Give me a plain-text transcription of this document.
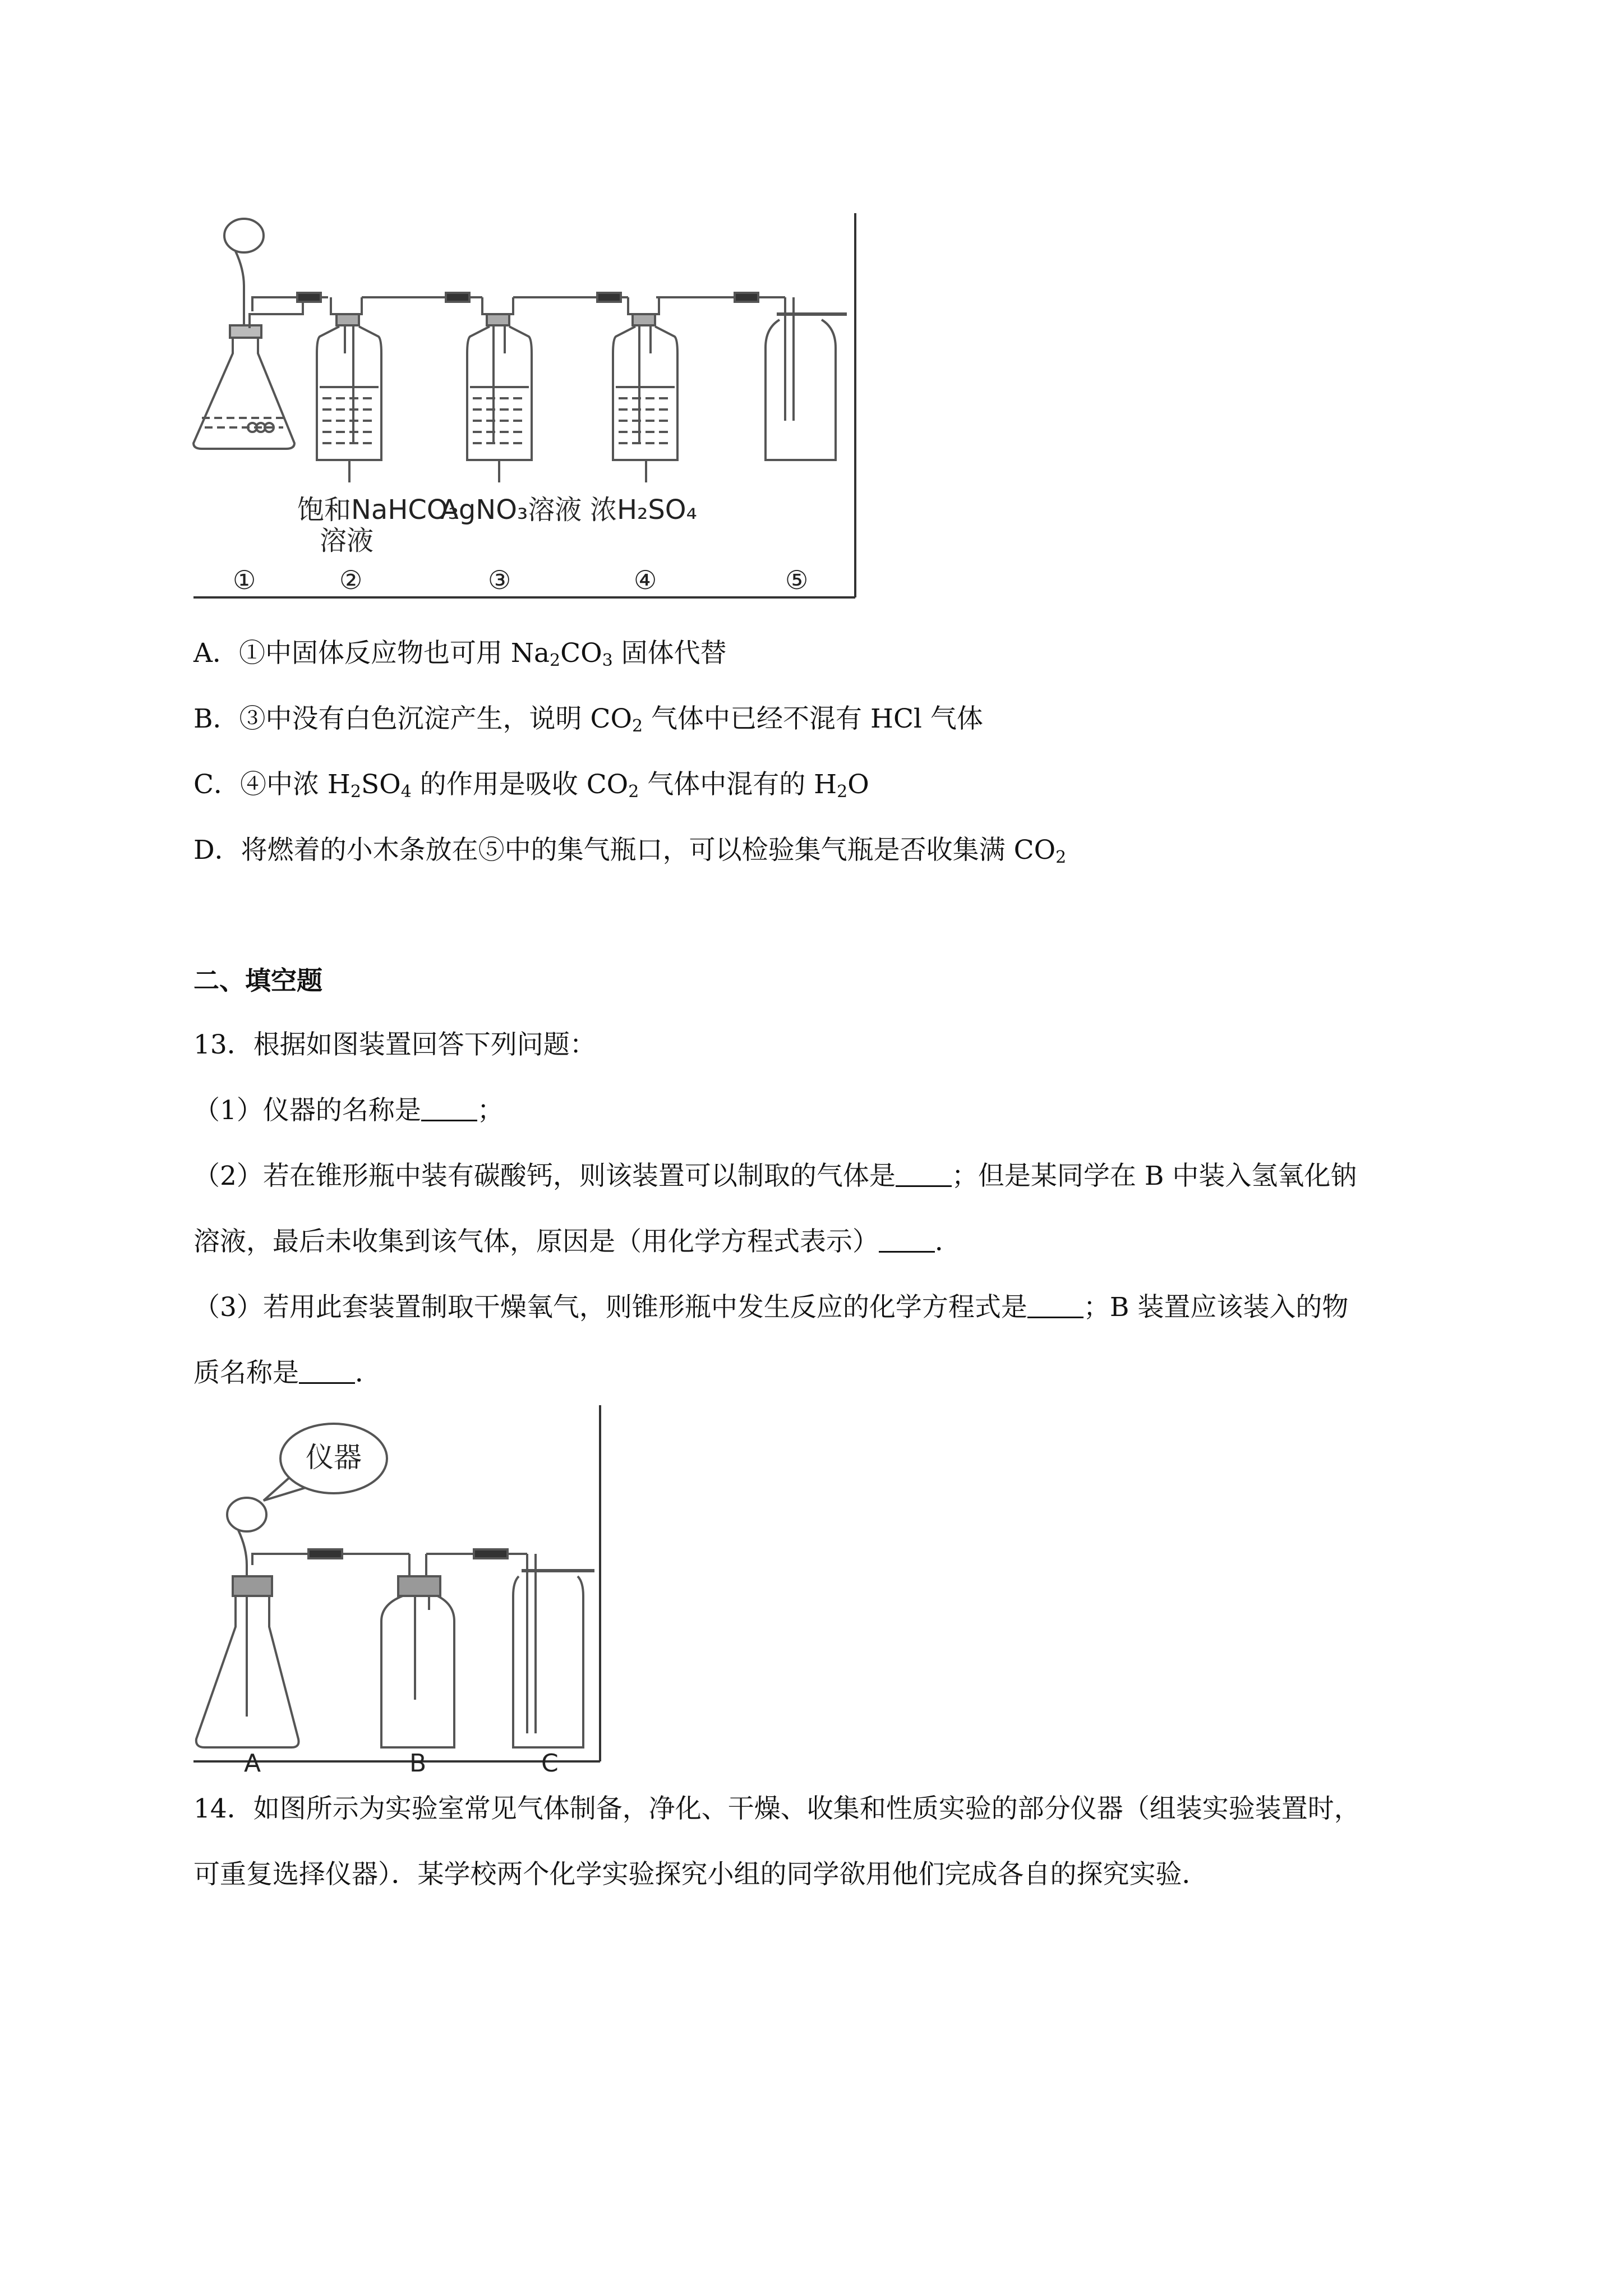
饱和NaHCO₃
溶液
AgNO₃溶液 浓H₂SO₄
①	②	③	④	⑤
A．①中固体反应物也可用 $Na_2CO_3$ 固体代替
B．③中没有白色沉淀产生，说明 $CO_2$ 气体中已经不混有 HCl 气体
C．④中浓 $H_2SO_4$ 的作用是吸收 $CO_2$ 气体中混有的 $H_2O$
D．将燃着的小木条放在⑤中的集气瓶口，可以检验集气瓶是否收集满 $CO_2$
二、填空题
13．根据如图装置回答下列问题：
（1）仪器的名称是 ；
（2）若在锥形瓶中装有碳酸钙，则该装置可以制取的气体是 ；但是某同学在 B 中装入氢氧化钠
溶液，最后未收集到该气体，原因是（用化学方程式表示） ．
（3）若用此套装置制取干燥氧气，则锥形瓶中发生反应的化学方程式是 ；B 装置应该装入的物
质名称是 ．
仪器
A	B	C
14．如图所示为实验室常见气体制备，净化、干燥、收集和性质实验的部分仪器（组装实验装置时，
可重复选择仪器）．某学校两个化学实验探究小组的同学欲用他们完成各自的探究实验．
